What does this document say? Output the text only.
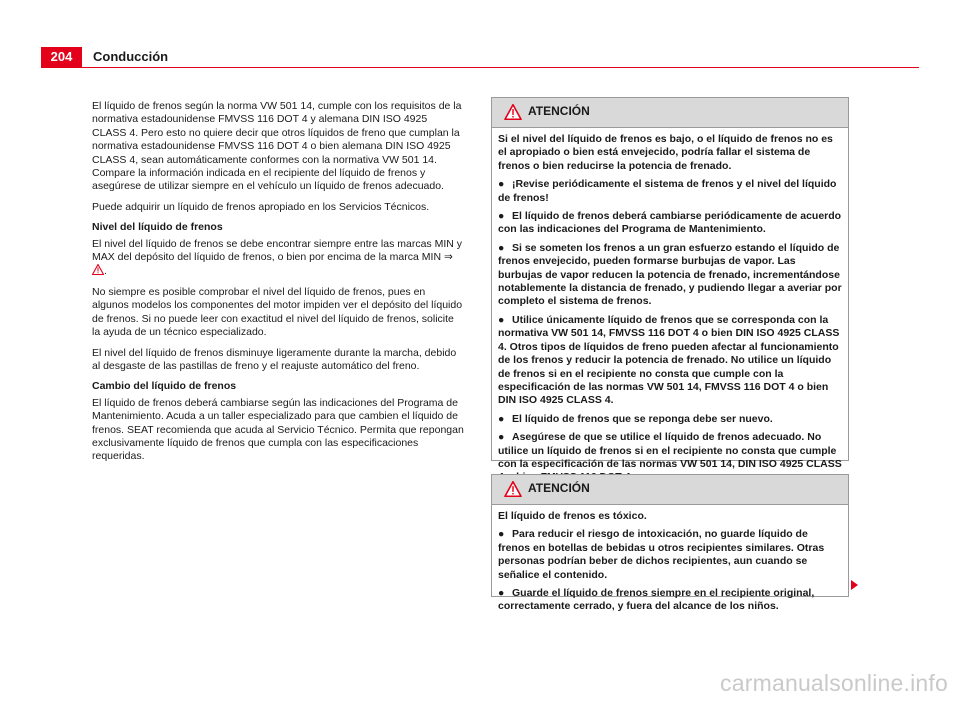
204	Conducción

El líquido de frenos según la norma VW 501 14, cumple con los requisitos de la normativa estadounidense FMVSS 116 DOT 4 y alemana DIN ISO 4925 CLASS 4. Pero esto no quiere decir que otros líquidos de freno que cumplan la normativa estadounidense FMVSS 116 DOT 4 o bien alemana DIN ISO 4925 CLASS 4, sean automáticamente conformes con la normativa VW 501 14. Compare la información indicada en el recipiente del líquido de frenos y asegúrese de utilizar siempre en el vehículo un líquido de frenos adecuado.

Puede adquirir un líquido de frenos apropiado en los Servicios Técnicos.

Nivel del líquido de frenos

El nivel del líquido de frenos se debe encontrar siempre entre las marcas MIN y MAX del depósito del líquido de frenos, o bien por encima de la marca MIN ⇒ .

No siempre es posible comprobar el nivel del líquido de frenos, pues en algunos modelos los componentes del motor impiden ver el depósito del líquido de frenos. Si no puede leer con exactitud el nivel del líquido de frenos, solicite la ayuda de un técnico especializado.

El nivel del líquido de frenos disminuye ligeramente durante la marcha, debido al desgaste de las pastillas de freno y el reajuste automático del freno.

Cambio del líquido de frenos

El líquido de frenos deberá cambiarse según las indicaciones del Programa de Mantenimiento. Acuda a un taller especializado para que cambien el líquido de frenos. SEAT recomienda que acuda al Servicio Técnico. Permita que repongan exclusivamente líquido de frenos que cumpla con las especificaciones requeridas.

ATENCIÓN

Si el nivel del líquido de frenos es bajo, o el líquido de frenos no es el apropiado o bien está envejecido, podría fallar el sistema de frenos o bien reducirse la potencia de frenado.

● ¡Revise periódicamente el sistema de frenos y el nivel del líquido de frenos!

● El líquido de frenos deberá cambiarse periódicamente de acuerdo con las indicaciones del Programa de Mantenimiento.

● Si se someten los frenos a un gran esfuerzo estando el líquido de frenos envejecido, pueden formarse burbujas de vapor. Las burbujas de vapor reducen la potencia de frenado, incrementándose notablemente la distancia de frenado, y pudiendo llegar a averiar por completo el sistema de frenos.

● Utilice únicamente líquido de frenos que se corresponda con la normativa VW 501 14, FMVSS 116 DOT 4 o bien DIN ISO 4925 CLASS 4. Otros tipos de líquidos de freno pueden afectar al funcionamiento de los frenos y reducir la potencia de frenado. No utilice un líquido de frenos si en el recipiente no consta que cumple con la especificación de las normas VW 501 14, FMVSS 116 DOT 4 o bien DIN ISO 4925 CLASS 4.

● El líquido de frenos que se reponga debe ser nuevo.

● Asegúrese de que se utilice el líquido de frenos adecuado. No utilice un líquido de frenos si en el recipiente no consta que cumple con la especificación de las normas VW 501 14, DIN ISO 4925 CLASS

ATENCIÓN

El líquido de frenos es tóxico.

● Para reducir el riesgo de intoxicación, no guarde líquido de frenos en botellas de bebidas u otros recipientes similares. Otras personas podrían beber de dichos recipientes, aun cuando se señalice el contenido.

● Guarde el líquido de frenos siempre en el recipiente original, correctamente cerrado, y fuera del alcance de los niños.

carmanualsonline.info
